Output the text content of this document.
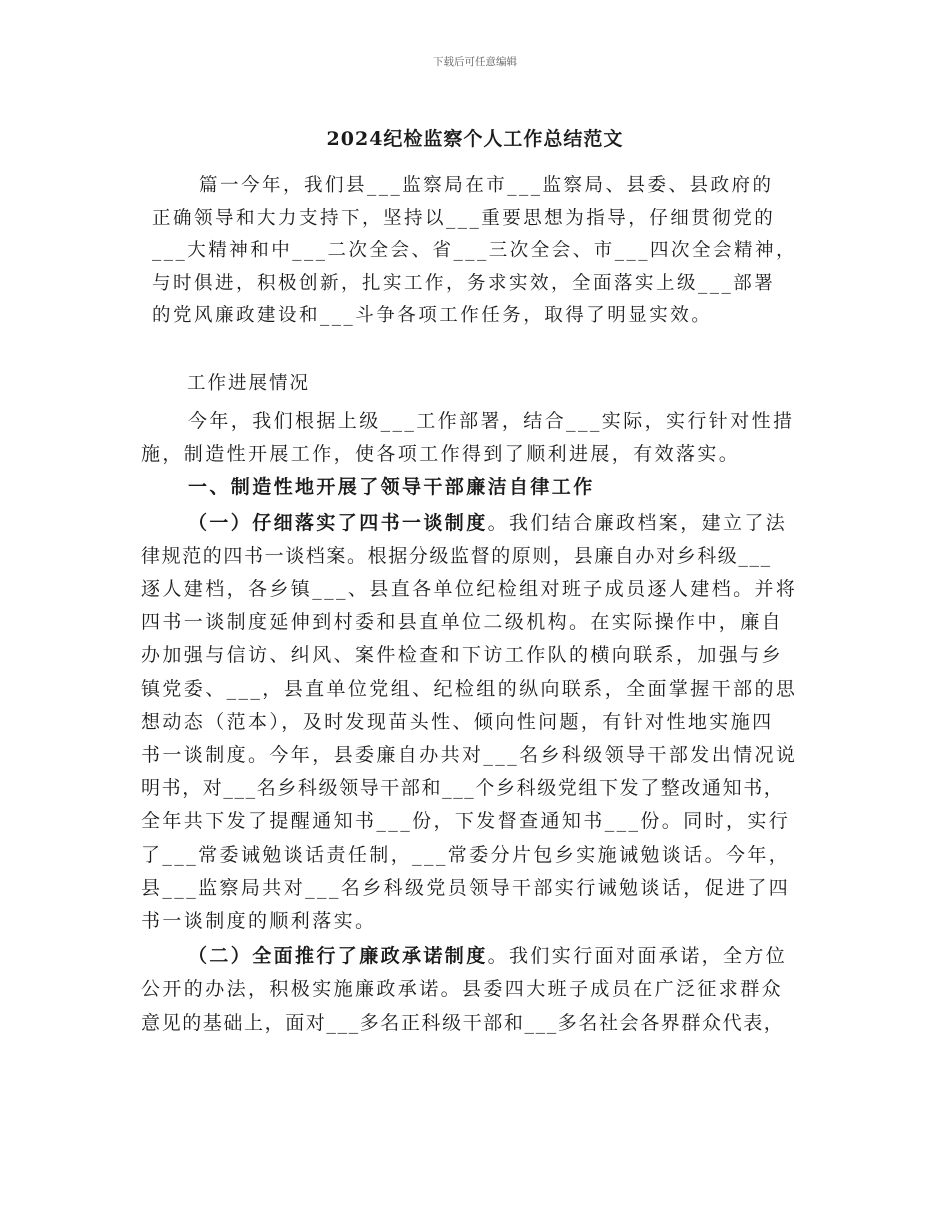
下载后可任意编辑
2024纪检监察个人工作总结范文
篇一今年，我们县___监察局在市___监察局、县委、县政府的
正确领导和大力支持下，坚持以___重要思想为指导，仔细贯彻党的
___大精神和中___二次全会、省___三次全会、市___四次全会精神，
与时俱进，积极创新，扎实工作，务求实效，全面落实上级___部署
的党风廉政建设和___斗争各项工作任务，取得了明显实效。
工作进展情况
今年，我们根据上级___工作部署，结合___实际，实行针对性措
施，制造性开展工作，使各项工作得到了顺利进展，有效落实。
一、制造性地开展了领导干部廉洁自律工作
（一）仔细落实了四书一谈制度。我们结合廉政档案，建立了法
律规范的四书一谈档案。根据分级监督的原则，县廉自办对乡科级___
逐人建档，各乡镇___、县直各单位纪检组对班子成员逐人建档。并将
四书一谈制度延伸到村委和县直单位二级机构。在实际操作中，廉自
办加强与信访、纠风、案件检查和下访工作队的横向联系，加强与乡
镇党委、___，县直单位党组、纪检组的纵向联系，全面掌握干部的思
想动态（范本），及时发现苗头性、倾向性问题，有针对性地实施四
书一谈制度。今年，县委廉自办共对___名乡科级领导干部发出情况说
明书，对___名乡科级领导干部和___个乡科级党组下发了整改通知书，
全年共下发了提醒通知书___份，下发督查通知书___份。同时，实行
了___常委诫勉谈话责任制，___常委分片包乡实施诫勉谈话。今年，
县___监察局共对___名乡科级党员领导干部实行诫勉谈话，促进了四
书一谈制度的顺利落实。
（二）全面推行了廉政承诺制度。我们实行面对面承诺，全方位
公开的办法，积极实施廉政承诺。县委四大班子成员在广泛征求群众
意见的基础上，面对___多名正科级干部和___多名社会各界群众代表，
